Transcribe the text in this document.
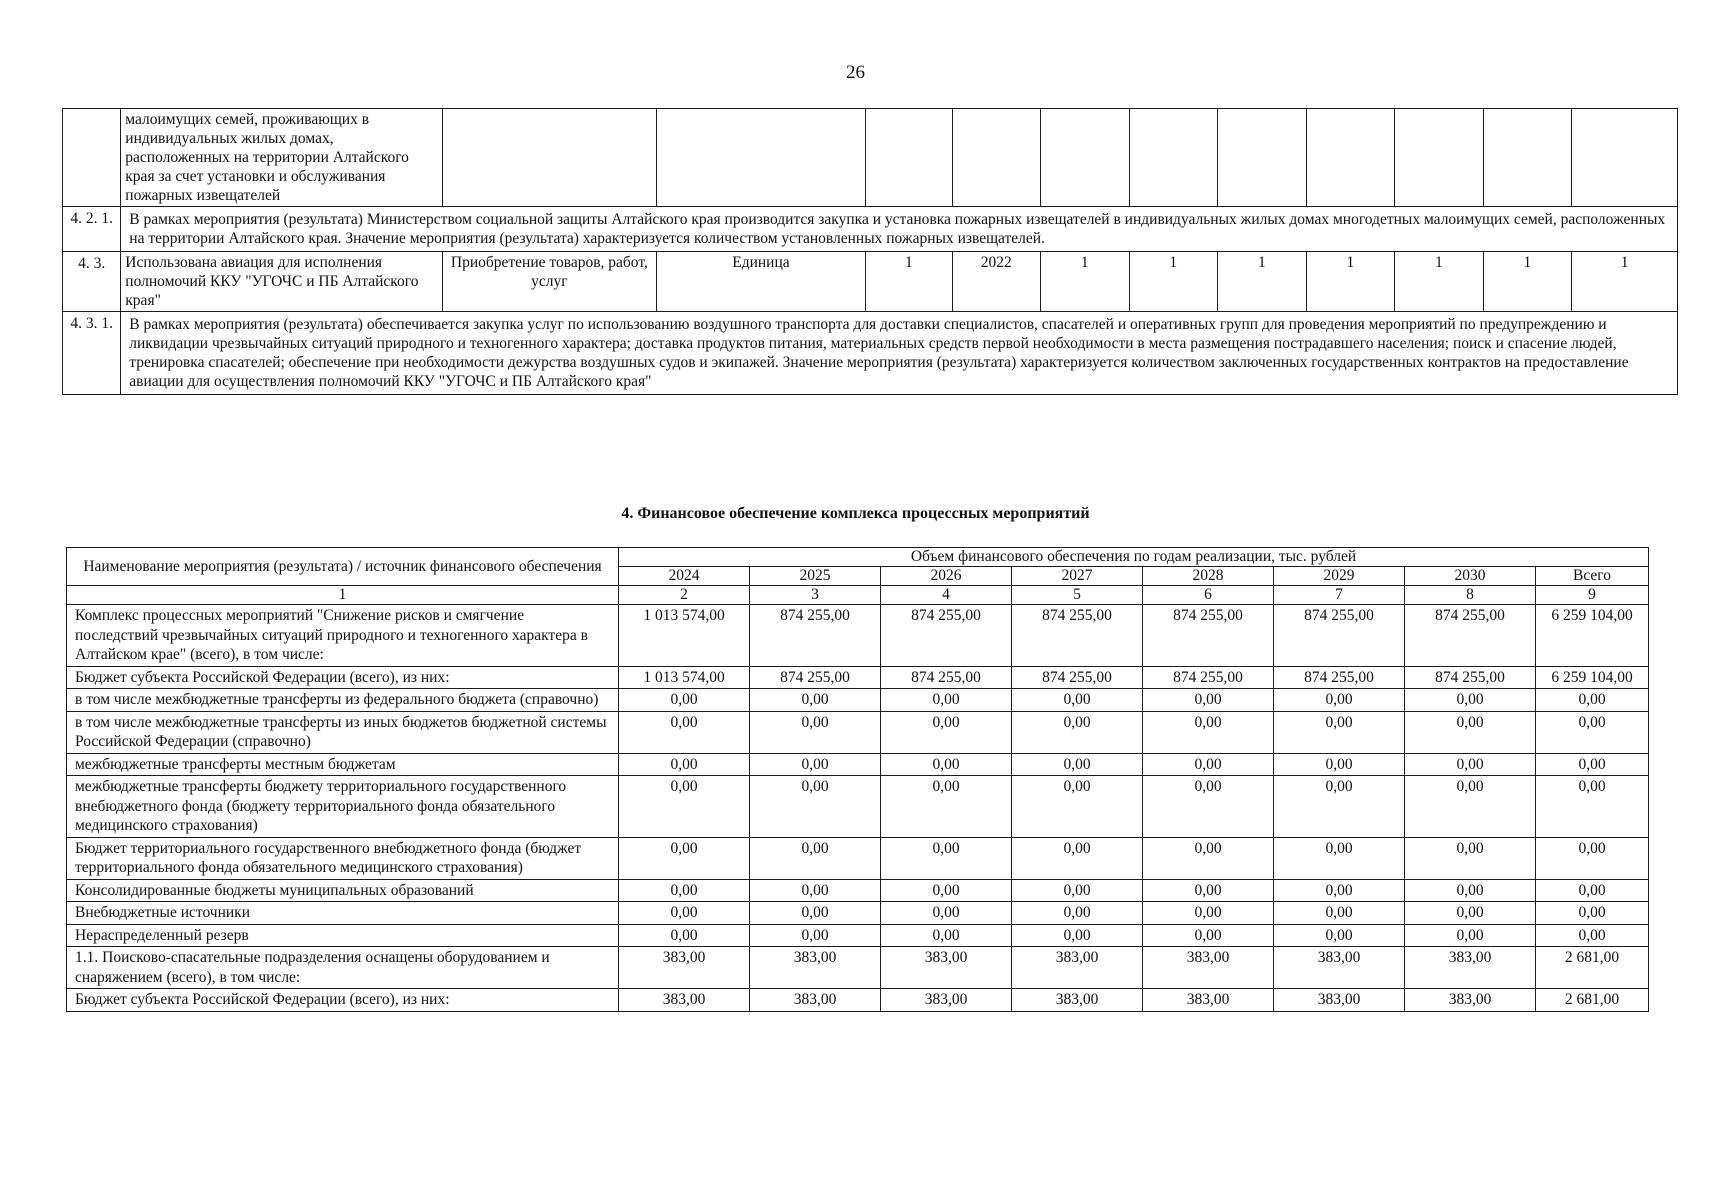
26
	малоимущих семей, проживающих в индивидуальных жилых домах, расположенных на территории Алтайского края за счет установки и обслуживания пожарных извещателей											
4. 2. 1.	В рамках мероприятия (результата) Министерством социальной защиты Алтайского края производится закупка и установка пожарных извещателей в индивидуальных жилых домах многодетных малоимущих семей, расположенных на территории Алтайского края. Значение мероприятия (результата) характеризуется количеством установленных пожарных извещателей.											
4. 3.	Использована авиация для исполнения полномочий ККУ "УГОЧС и ПБ Алтайского края"	Приобретение товаров, работ, услуг	Единица	1	2022	1	1	1	1	1	1	1
4. 3. 1.	В рамках мероприятия (результата) обеспечивается закупка услуг по использованию воздушного транспорта для доставки специалистов, спасателей и оперативных групп для проведения мероприятий по предупреждению и ликвидации чрезвычайных ситуаций природного и техногенного характера; доставка продуктов питания, материальных средств первой необходимости в места размещения пострадавшего населения; поиск и спасение людей, тренировка спасателей; обеспечение при необходимости дежурства воздушных судов и экипажей. Значение мероприятия (результата) характеризуется количеством заключенных государственных контрактов на предоставление авиации для осуществления полномочий ККУ "УГОЧС и ПБ Алтайского края"											
4. Финансовое обеспечение комплекса процессных мероприятий
Наименование мероприятия (результата) / источник финансового обеспечения	Объем финансового обеспечения по годам реализации, тыс. рублей							
	2024	2025	2026	2027	2028	2029	2030	Всего
1	2	3	4	5	6	7	8	9
Комплекс процессных мероприятий "Снижение рисков и смягчение последствий чрезвычайных ситуаций природного и техногенного характера в Алтайском крае" (всего), в том числе:	1 013 574,00	874 255,00	874 255,00	874 255,00	874 255,00	874 255,00	874 255,00	6 259 104,00
Бюджет субъекта Российской Федерации (всего), из них:	1 013 574,00	874 255,00	874 255,00	874 255,00	874 255,00	874 255,00	874 255,00	6 259 104,00
в том числе межбюджетные трансферты из федерального бюджета (справочно)	0,00	0,00	0,00	0,00	0,00	0,00	0,00	0,00
в том числе межбюджетные трансферты из иных бюджетов бюджетной системы Российской Федерации (справочно)	0,00	0,00	0,00	0,00	0,00	0,00	0,00	0,00
межбюджетные трансферты местным бюджетам	0,00	0,00	0,00	0,00	0,00	0,00	0,00	0,00
межбюджетные трансферты бюджету территориального государственного внебюджетного фонда (бюджету территориального фонда обязательного медицинского страхования)	0,00	0,00	0,00	0,00	0,00	0,00	0,00	0,00
Бюджет территориального государственного внебюджетного фонда (бюджет территориального фонда обязательного медицинского страхования)	0,00	0,00	0,00	0,00	0,00	0,00	0,00	0,00
Консолидированные бюджеты муниципальных образований	0,00	0,00	0,00	0,00	0,00	0,00	0,00	0,00
Внебюджетные источники	0,00	0,00	0,00	0,00	0,00	0,00	0,00	0,00
Нераспределенный резерв	0,00	0,00	0,00	0,00	0,00	0,00	0,00	0,00
1.1. Поисково-спасательные подразделения оснащены оборудованием и снаряжением (всего), в том числе:	383,00	383,00	383,00	383,00	383,00	383,00	383,00	2 681,00
Бюджет субъекта Российской Федерации (всего), из них:	383,00	383,00	383,00	383,00	383,00	383,00	383,00	2 681,00
